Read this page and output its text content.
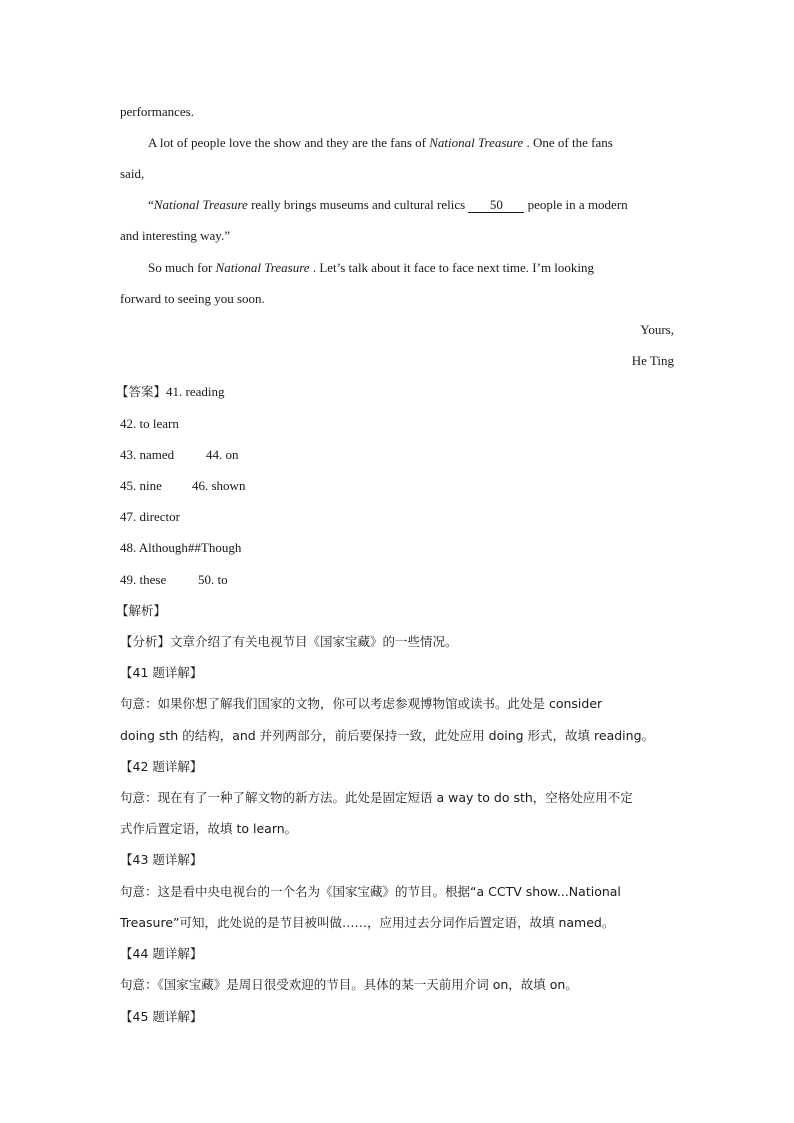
performances.
A lot of people love the show and they are the fans of National Treasure . One of the fans
said,
“National Treasure really brings museums and cultural relics 50 people in a modern
and interesting way.”
So much for National Treasure . Let’s talk about it face to face next time. I’m looking
forward to seeing you soon.
Yours,
He Ting
【答案】41. reading
42. to learn
43. named 44. on
45. nine 46. shown
47. director
48. Although##Though
49. these 50. to
【解析】
【分析】文章介绍了有关电视节目《国家宝藏》的一些情况。
【41 题详解】
句意：如果你想了解我们国家的文物，你可以考虑参观博物馆或读书。此处是 consider
doing sth 的结构，and 并列两部分，前后要保持一致，此处应用 doing 形式，故填 reading。
【42 题详解】
句意：现在有了一种了解文物的新方法。此处是固定短语 a way to do sth，空格处应用不定
式作后置定语，故填 to learn。
【43 题详解】
句意：这是看中央电视台的一个名为《国家宝藏》的节目。根据“a CCTV show...National
Treasure”可知，此处说的是节目被叫做……，应用过去分词作后置定语，故填 named。
【44 题详解】
句意：《国家宝藏》是周日很受欢迎的节目。具体的某一天前用介词 on，故填 on。
【45 题详解】
